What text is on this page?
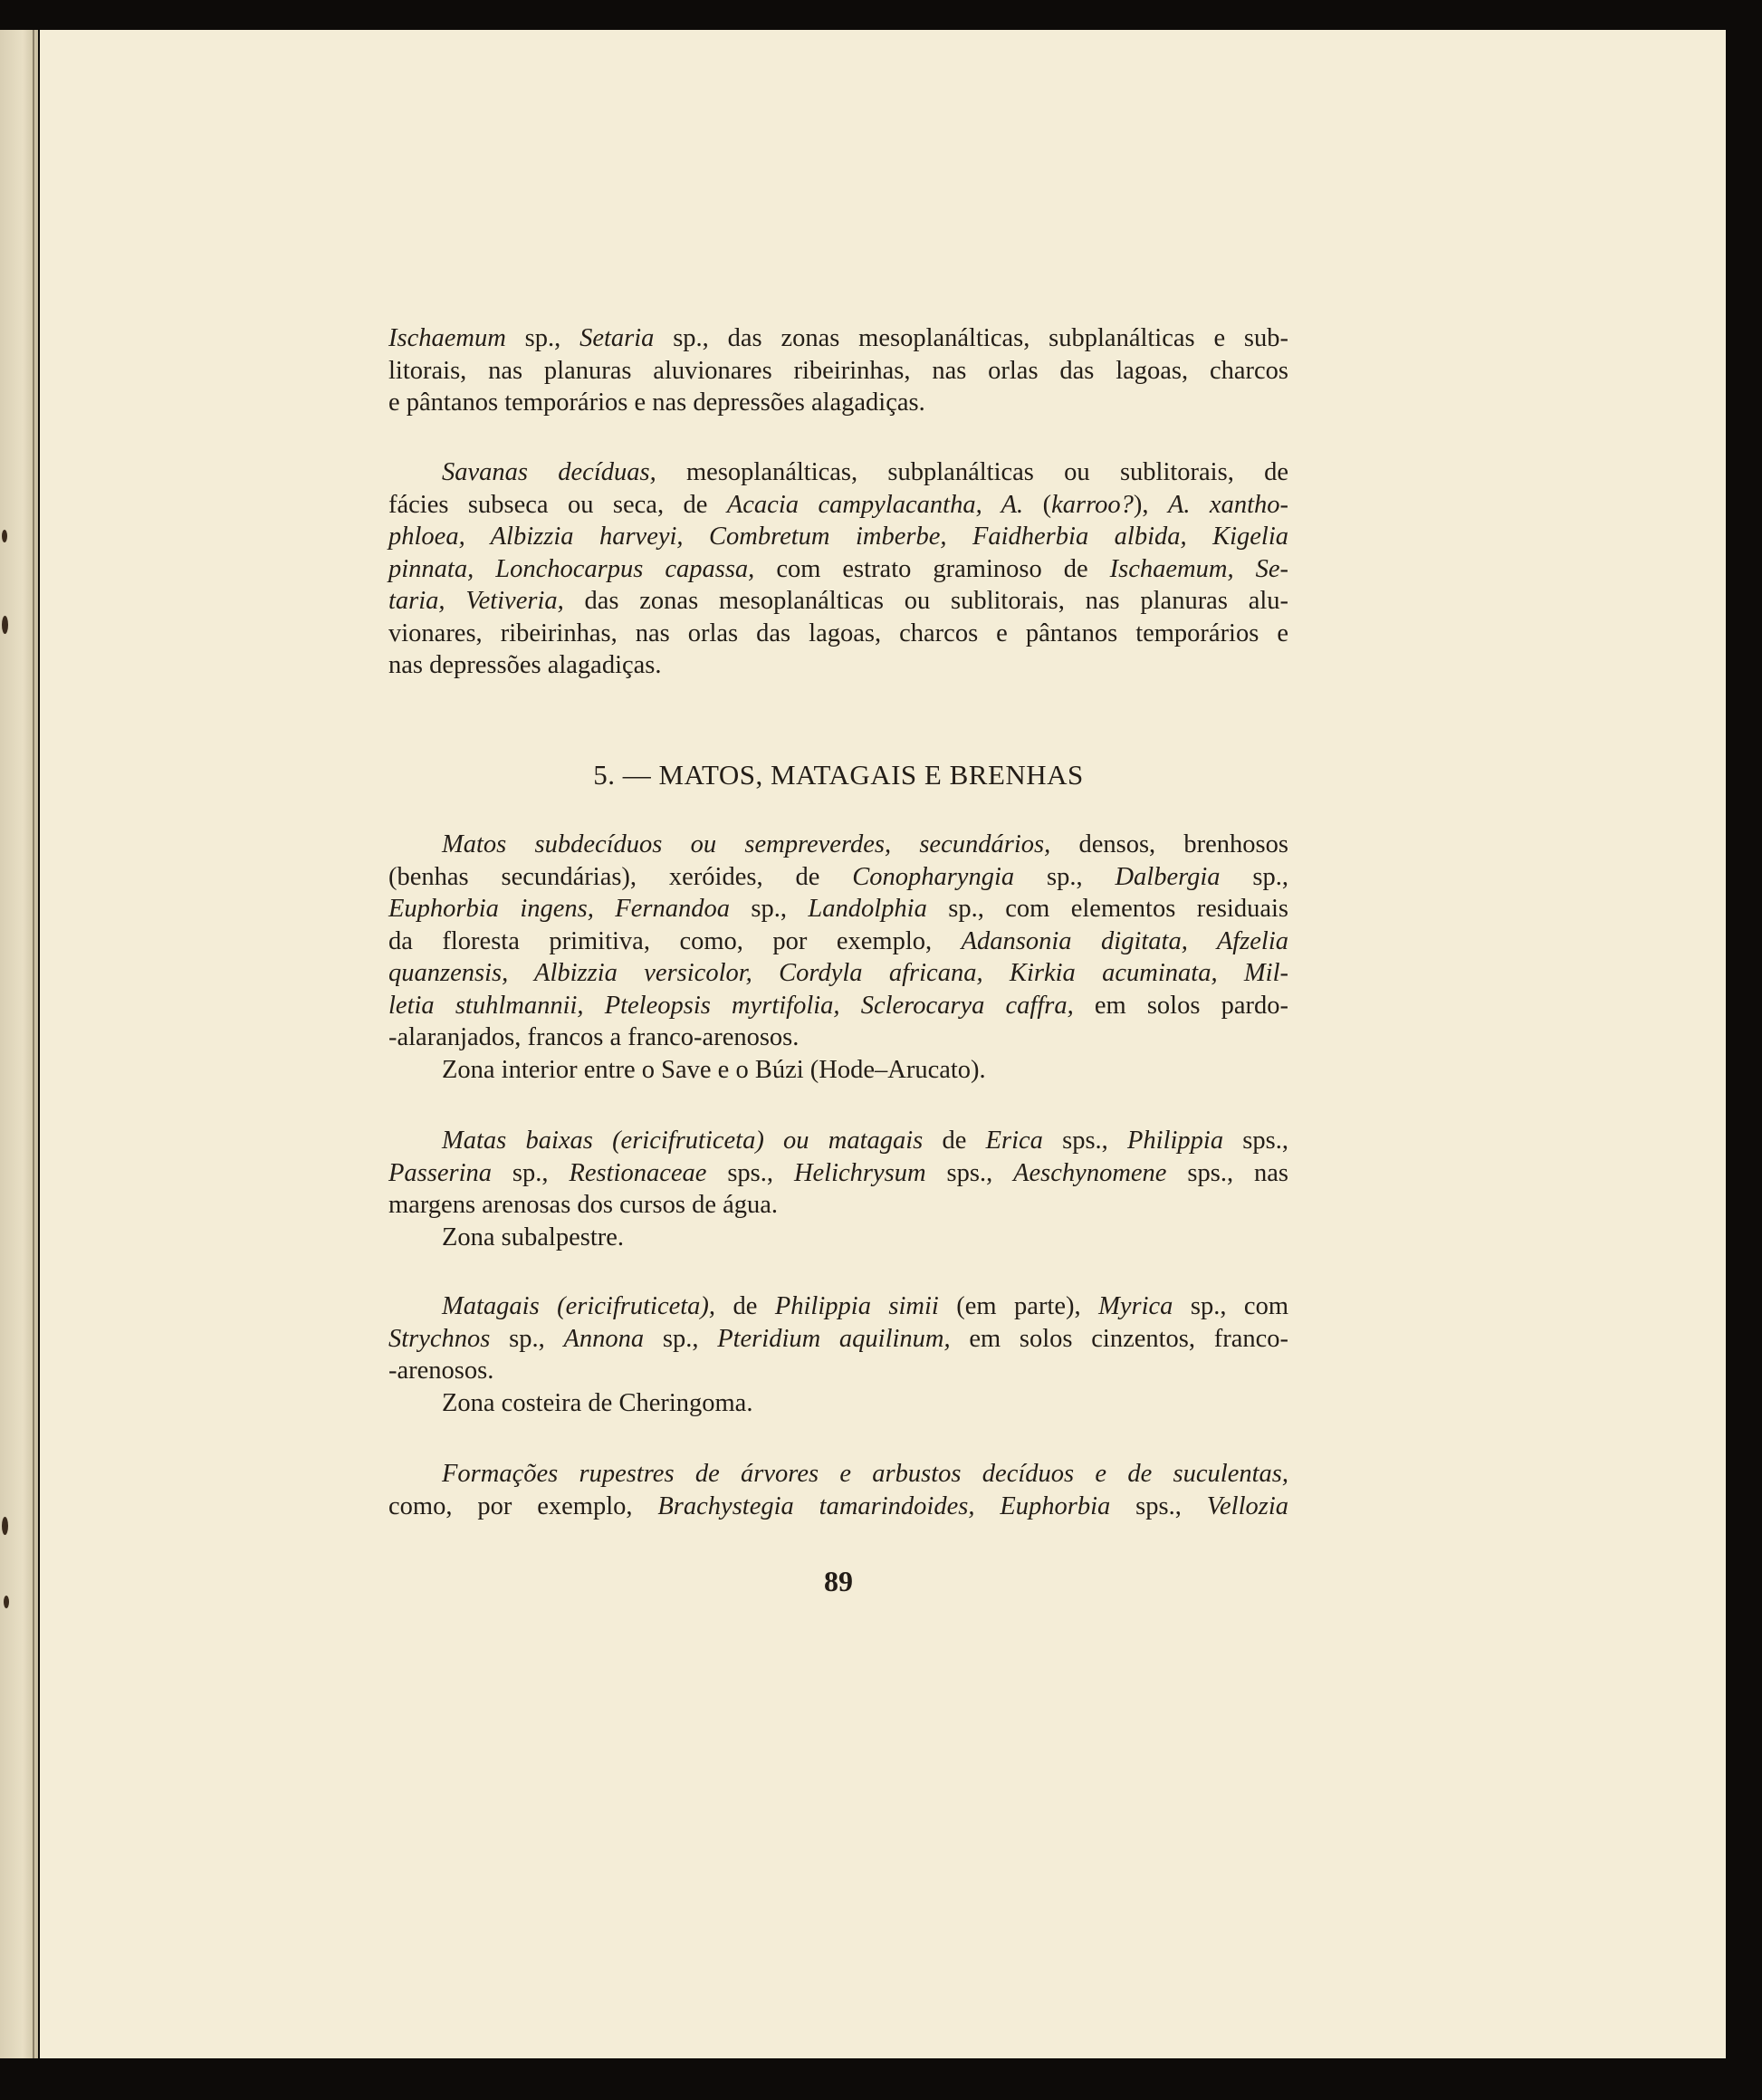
Ischaemum sp., Setaria sp., das zonas mesoplanálticas, subplanálticas e sub-
litorais, nas planuras aluvionares ribeirinhas, nas orlas das lagoas, charcos
e pântanos temporários e nas depressões alagadiças.
Savanas decíduas, mesoplanálticas, subplanálticas ou sublitorais, de
fácies subseca ou seca, de Acacia campylacantha, A. (karroo?), A. xantho-
phloea, Albizzia harveyi, Combretum imberbe, Faidherbia albida, Kigelia
pinnata, Lonchocarpus capassa, com estrato graminoso de Ischaemum, Se-
taria, Vetiveria, das zonas mesoplanálticas ou sublitorais, nas planuras alu-
vionares, ribeirinhas, nas orlas das lagoas, charcos e pântanos temporários e
nas depressões alagadiças.
5. — MATOS, MATAGAIS E BRENHAS
Matos subdecíduos ou sempreverdes, secundários, densos, brenhosos
(benhas secundárias), xeróides, de Conopharyngia sp., Dalbergia sp.,
Euphorbia ingens, Fernandoa sp., Landolphia sp., com elementos residuais
da floresta primitiva, como, por exemplo, Adansonia digitata, Afzelia
quanzensis, Albizzia versicolor, Cordyla africana, Kirkia acuminata, Mil-
letia stuhlmannii, Pteleopsis myrtifolia, Sclerocarya caffra, em solos pardo-
-alaranjados, francos a franco-arenosos.
Zona interior entre o Save e o Búzi (Hode–Arucato).
Matas baixas (ericifruticeta) ou matagais de Erica sps., Philippia sps.,
Passerina sp., Restionaceae sps., Helichrysum sps., Aeschynomene sps., nas
margens arenosas dos cursos de água.
Zona subalpestre.
Matagais (ericifruticeta), de Philippia simii (em parte), Myrica sp., com
Strychnos sp., Annona sp., Pteridium aquilinum, em solos cinzentos, franco-
-arenosos.
Zona costeira de Cheringoma.
Formações rupestres de árvores e arbustos decíduos e de suculentas,
como, por exemplo, Brachystegia tamarindoides, Euphorbia sps., Vellozia
89
